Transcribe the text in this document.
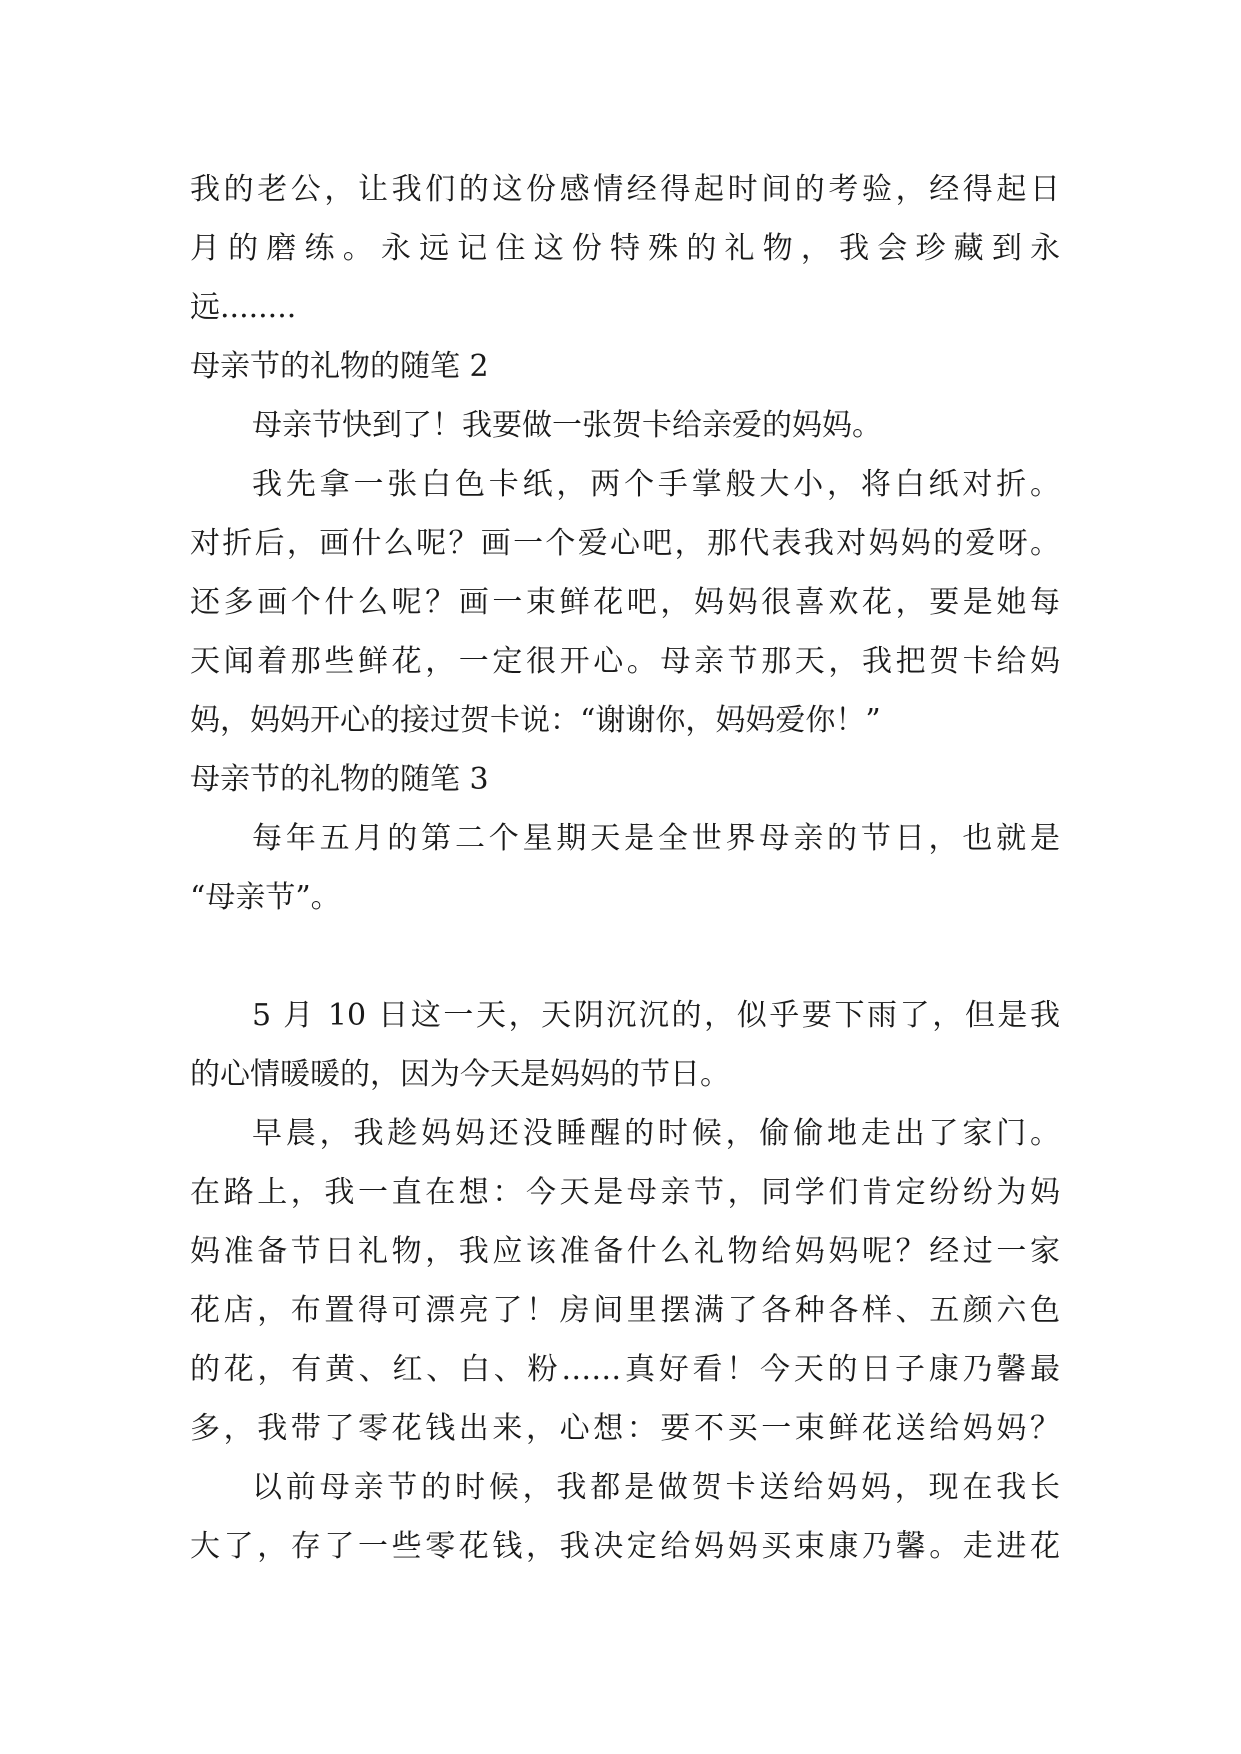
我的老公，让我们的这份感情经得起时间的考验，经得起日
月的磨练。永远记住这份特殊的礼物，我会珍藏到永
远........
母亲节的礼物的随笔 2
母亲节快到了！我要做一张贺卡给亲爱的妈妈。
我先拿一张白色卡纸，两个手掌般大小，将白纸对折。
对折后，画什么呢？画一个爱心吧，那代表我对妈妈的爱呀。
还多画个什么呢？画一束鲜花吧，妈妈很喜欢花，要是她每
天闻着那些鲜花，一定很开心。母亲节那天，我把贺卡给妈
妈，妈妈开心的接过贺卡说：“谢谢你，妈妈爱你！”
母亲节的礼物的随笔 3
每年五月的第二个星期天是全世界母亲的节日，也就是
“母亲节”。
5 月 10 日这一天，天阴沉沉的，似乎要下雨了，但是我
的心情暖暖的，因为今天是妈妈的节日。
早晨，我趁妈妈还没睡醒的时候，偷偷地走出了家门。
在路上，我一直在想：今天是母亲节，同学们肯定纷纷为妈
妈准备节日礼物，我应该准备什么礼物给妈妈呢？经过一家
花店，布置得可漂亮了！房间里摆满了各种各样、五颜六色
的花，有黄、红、白、粉……真好看！今天的日子康乃馨最
多，我带了零花钱出来，心想：要不买一束鲜花送给妈妈？
以前母亲节的时候，我都是做贺卡送给妈妈，现在我长
大了，存了一些零花钱，我决定给妈妈买束康乃馨。走进花
